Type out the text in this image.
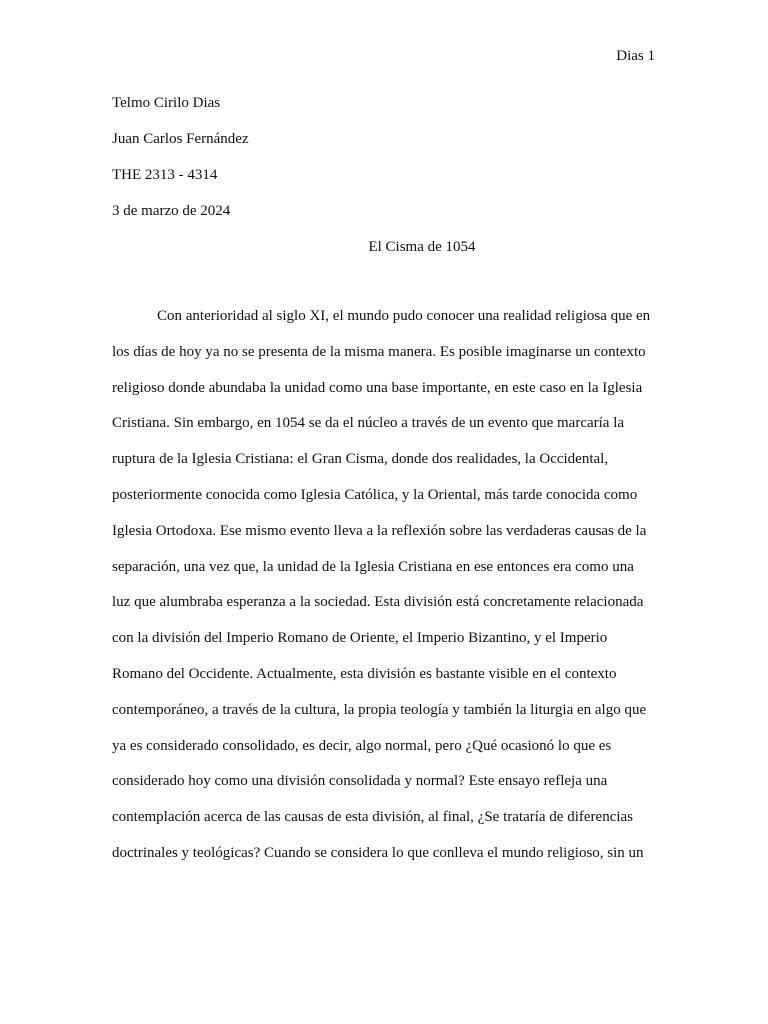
Dias 1
Telmo Cirilo Dias
Juan Carlos Fernández
THE 2313 - 4314
3 de marzo de 2024
El Cisma de 1054
Con anterioridad al siglo XI, el mundo pudo conocer una realidad religiosa que en
los días de hoy ya no se presenta de la misma manera. Es posible imaginarse un contexto
religioso donde abundaba la unidad como una base importante, en este caso en la Iglesia
Cristiana. Sin embargo, en 1054 se da el núcleo a través de un evento que marcaría la
ruptura de la Iglesia Cristiana: el Gran Cisma, donde dos realidades, la Occidental,
posteriormente conocida como Iglesia Católica, y la Oriental, más tarde conocida como
Iglesia Ortodoxa. Ese mismo evento lleva a la reflexión sobre las verdaderas causas de la
separación, una vez que, la unidad de la Iglesia Cristiana en ese entonces era como una
luz que alumbraba esperanza a la sociedad. Esta división está concretamente relacionada
con la división del Imperio Romano de Oriente, el Imperio Bizantino, y el Imperio
Romano del Occidente. Actualmente, esta división es bastante visible en el contexto
contemporáneo, a través de la cultura, la propia teología y también la liturgia en algo que
ya es considerado consolidado, es decir, algo normal, pero ¿Qué ocasionó lo que es
considerado hoy como una división consolidada y normal? Este ensayo refleja una
contemplación acerca de las causas de esta división, al final, ¿Se trataría de diferencias
doctrinales y teológicas? Cuando se considera lo que conlleva el mundo religioso, sin un
